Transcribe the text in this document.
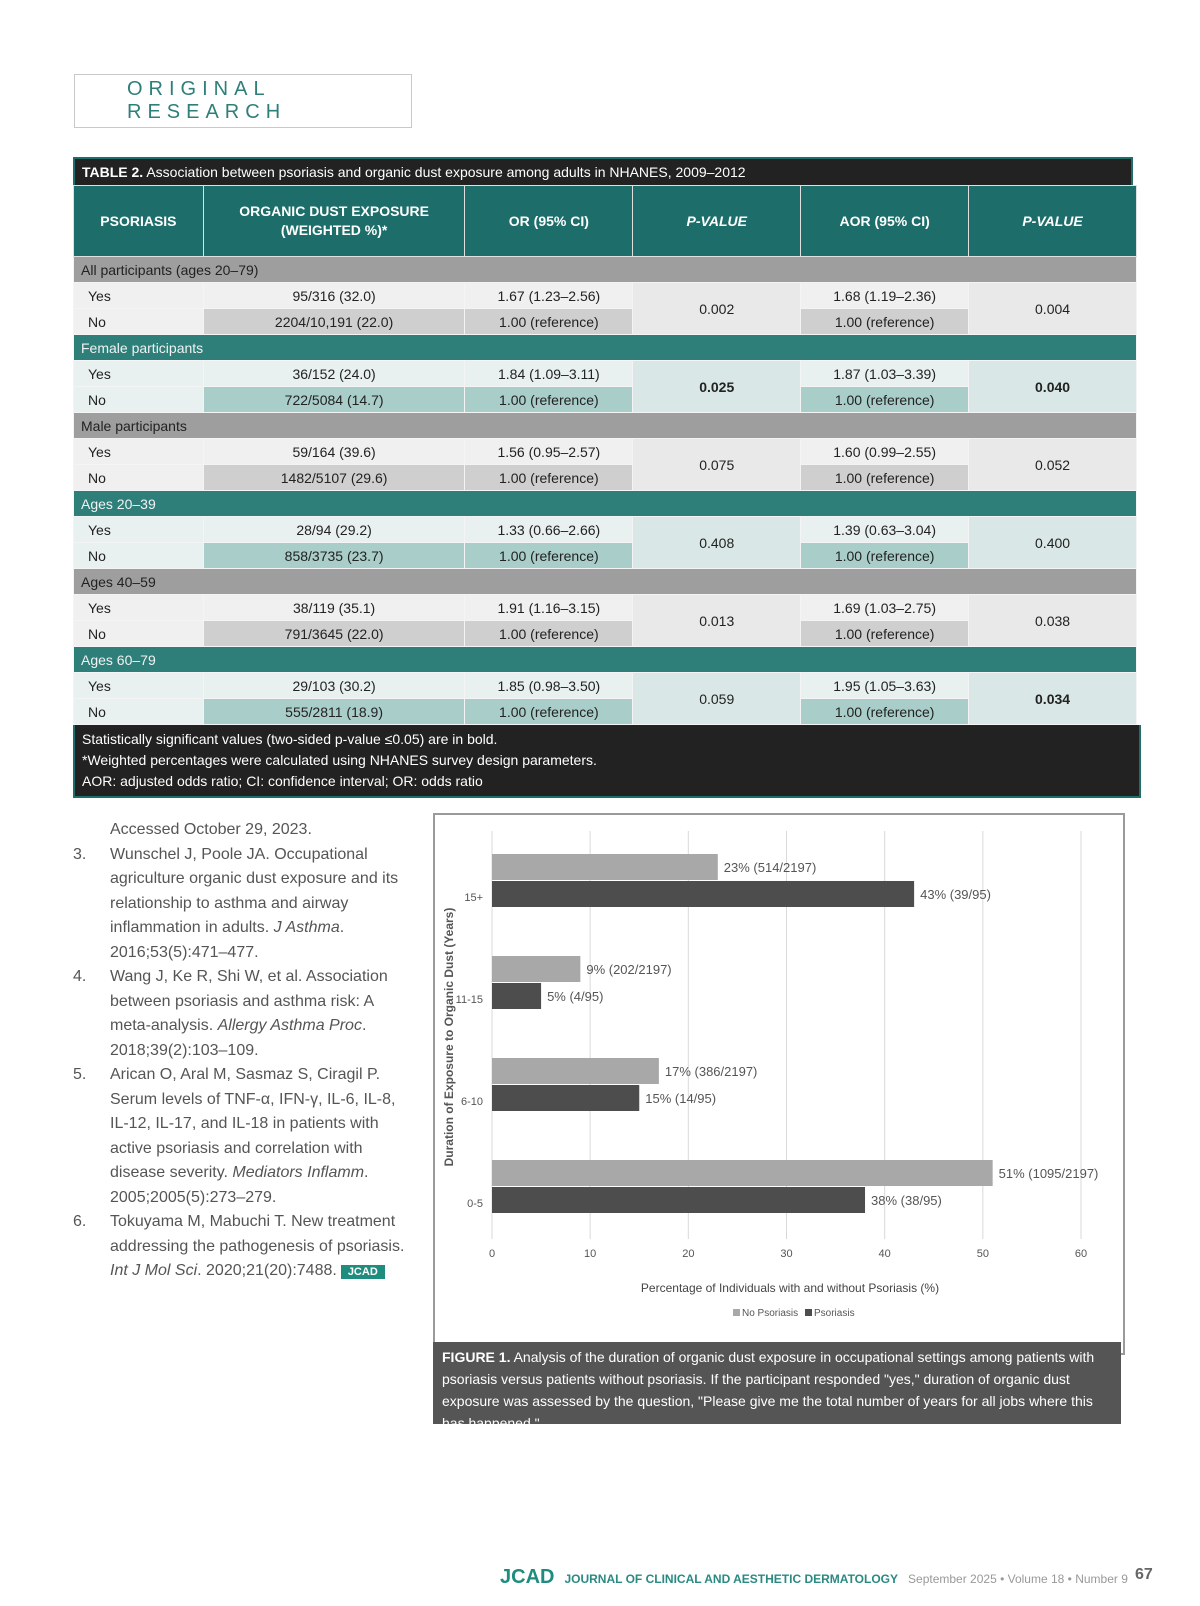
ORIGINAL RESEARCH
TABLE 2. Association between psoriasis and organic dust exposure among adults in NHANES, 2009–2012
PSORIASIS	ORGANIC DUST EXPOSURE (WEIGHTED %)*	OR (95% CI)	P-VALUE	AOR (95% CI)	P-VALUE
All participants (ages 20–79)					
Yes	95/316 (32.0)	1.67 (1.23–2.56)	0.002	1.68 (1.19–2.36)	0.004
No	2204/10,191 (22.0)	1.00 (reference)		1.00 (reference)	
Female participants					
Yes	36/152 (24.0)	1.84 (1.09–3.11)	0.025	1.87 (1.03–3.39)	0.040
No	722/5084 (14.7)	1.00 (reference)		1.00 (reference)	
Male participants					
Yes	59/164 (39.6)	1.56 (0.95–2.57)	0.075	1.60 (0.99–2.55)	0.052
No	1482/5107 (29.6)	1.00 (reference)		1.00 (reference)	
Ages 20–39					
Yes	28/94 (29.2)	1.33 (0.66–2.66)	0.408	1.39 (0.63–3.04)	0.400
No	858/3735 (23.7)	1.00 (reference)		1.00 (reference)	
Ages 40–59					
Yes	38/119 (35.1)	1.91 (1.16–3.15)	0.013	1.69 (1.03–2.75)	0.038
No	791/3645 (22.0)	1.00 (reference)		1.00 (reference)	
Ages 60–79					
Yes	29/103 (30.2)	1.85 (0.98–3.50)	0.059	1.95 (1.05–3.63)	0.034
No	555/2811 (18.9)	1.00 (reference)		1.00 (reference)	
Statistically significant values (two-sided p-value ≤0.05) are in bold.
*Weighted percentages were calculated using NHANES survey design parameters.
AOR: adjusted odds ratio; CI: confidence interval; OR: odds ratio
Accessed October 29, 2023.
3.	Wunschel J, Poole JA. Occupational agriculture organic dust exposure and its relationship to asthma and airway inflammation in adults. J Asthma. 2016;53(5):471–477.
4.	Wang J, Ke R, Shi W, et al. Association between psoriasis and asthma risk: A meta-analysis. Allergy Asthma Proc. 2018;39(2):103–109.
5.	Arican O, Aral M, Sasmaz S, Ciragil P. Serum levels of TNF-α, IFN-γ, IL-6, IL-8, IL-12, IL-17, and IL-18 in patients with active psoriasis and correlation with disease severity. Mediators Inflamm. 2005;2005(5):273–279.
6.	Tokuyama M, Mabuchi T. New treatment addressing the pathogenesis of psoriasis. Int J Mol Sci. 2020;21(20):7488. JCAD
0	10	20	30	40	50	60
15+
23% (514/2197)
43% (39/95)
11-15
9% (202/2197)
5% (4/95)
6-10
17% (386/2197)
15% (14/95)
0-5
51% (1095/2197)
38% (38/95)
Duration of Exposure to Organic Dust (Years)
Percentage of Individuals with and without Psoriasis (%)
No Psoriasis Psoriasis
FIGURE 1. Analysis of the duration of organic dust exposure in occupational settings among patients with psoriasis versus patients without psoriasis. If the participant responded "yes," duration of organic dust exposure was assessed by the question, "Please give me the total number of years for all jobs where this has happened."
JCAD JOURNAL OF CLINICAL AND AESTHETIC DERMATOLOGY September 2025 • Volume 18 • Number 9 67
